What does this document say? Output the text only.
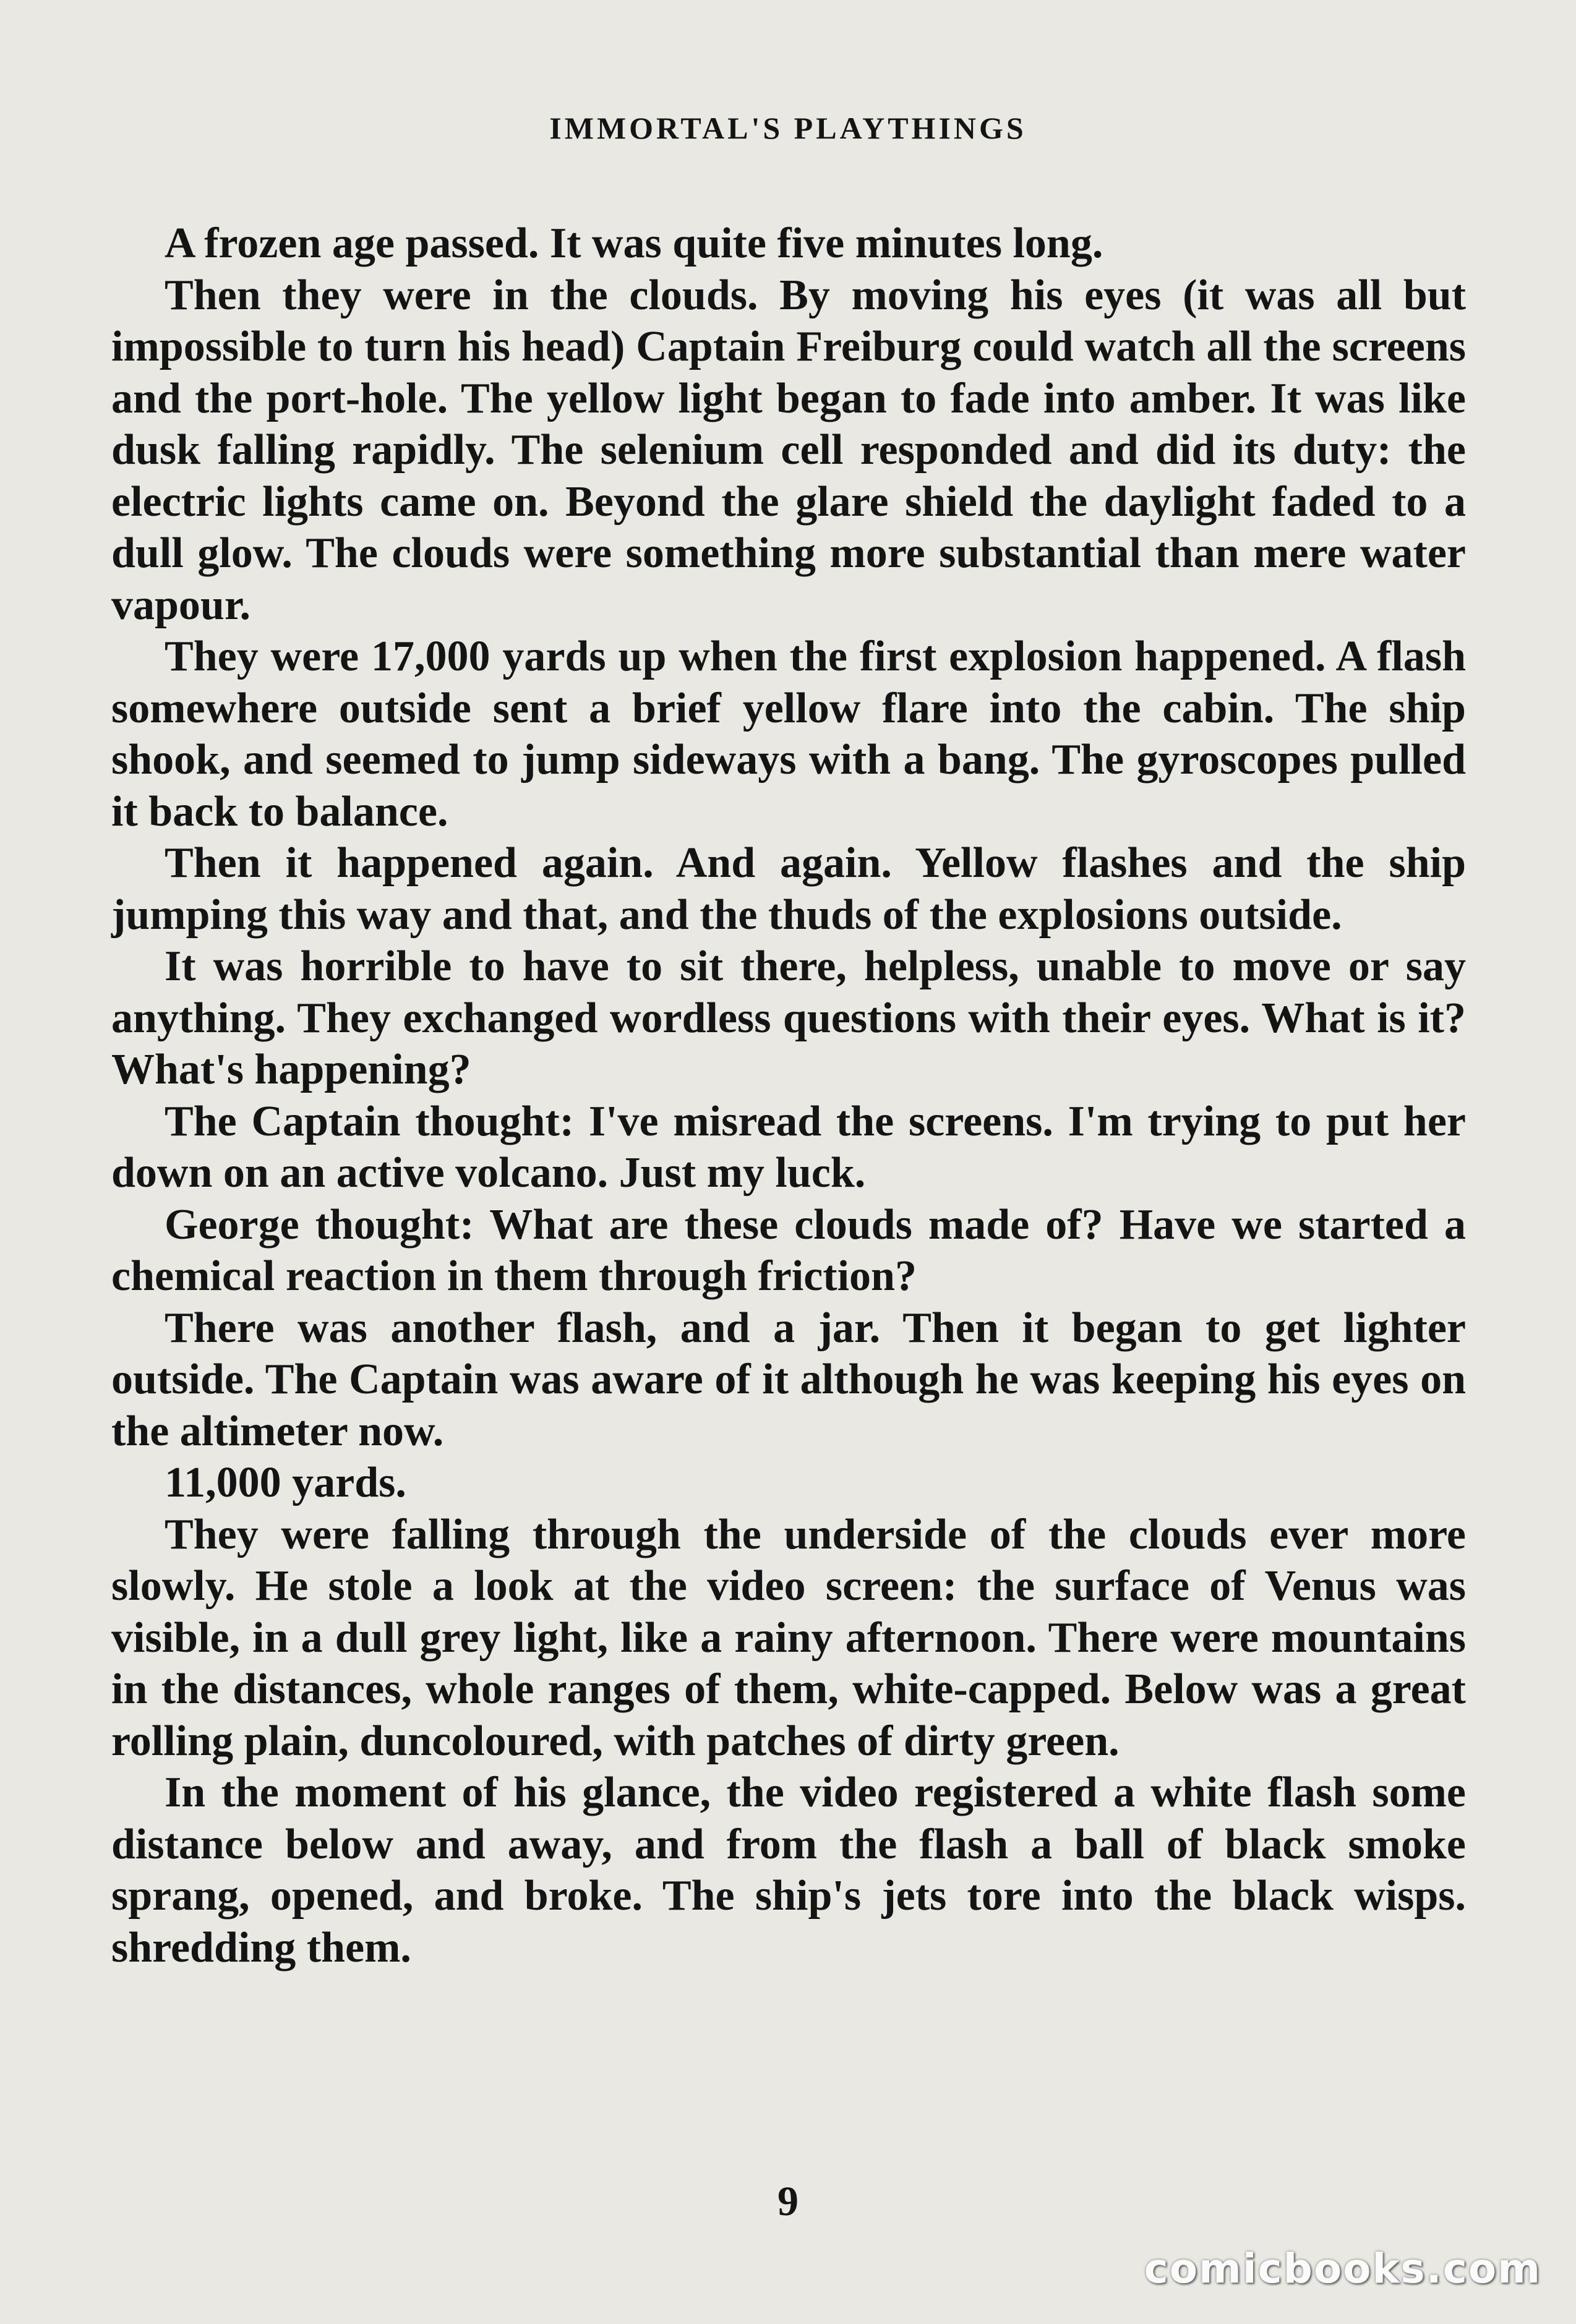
IMMORTAL'S PLAYTHINGS

A frozen age passed. It was quite five minutes long.

Then they were in the clouds. By moving his eyes (it was all but impossible to turn his head) Captain Freiburg could watch all the screens and the port-hole. The yellow light began to fade into amber. It was like dusk falling rapidly. The selenium cell responded and did its duty: the electric lights came on. Beyond the glare shield the daylight faded to a dull glow. The clouds were something more substantial than mere water vapour.

They were 17,000 yards up when the first explosion happened. A flash somewhere outside sent a brief yellow flare into the cabin. The ship shook, and seemed to jump sideways with a bang. The gyroscopes pulled it back to balance.

Then it happened again. And again. Yellow flashes and the ship jumping this way and that, and the thuds of the explosions outside.

It was horrible to have to sit there, helpless, unable to move or say anything. They exchanged wordless questions with their eyes. What is it? What's happening?

The Captain thought: I've misread the screens. I'm trying to put her down on an active volcano. Just my luck.

George thought: What are these clouds made of? Have we started a chemical reaction in them through friction?

There was another flash, and a jar. Then it began to get lighter outside. The Captain was aware of it although he was keeping his eyes on the altimeter now.

11,000 yards.

They were falling through the underside of the clouds ever more slowly. He stole a look at the video screen: the surface of Venus was visible, in a dull grey light, like a rainy afternoon. There were mountains in the distances, whole ranges of them, white-capped. Below was a great rolling plain, duncoloured, with patches of dirty green.

In the moment of his glance, the video registered a white flash some distance below and away, and from the flash a ball of black smoke sprang, opened, and broke. The ship's jets tore into the black wisps. shredding them.

9
comicbooks.com
